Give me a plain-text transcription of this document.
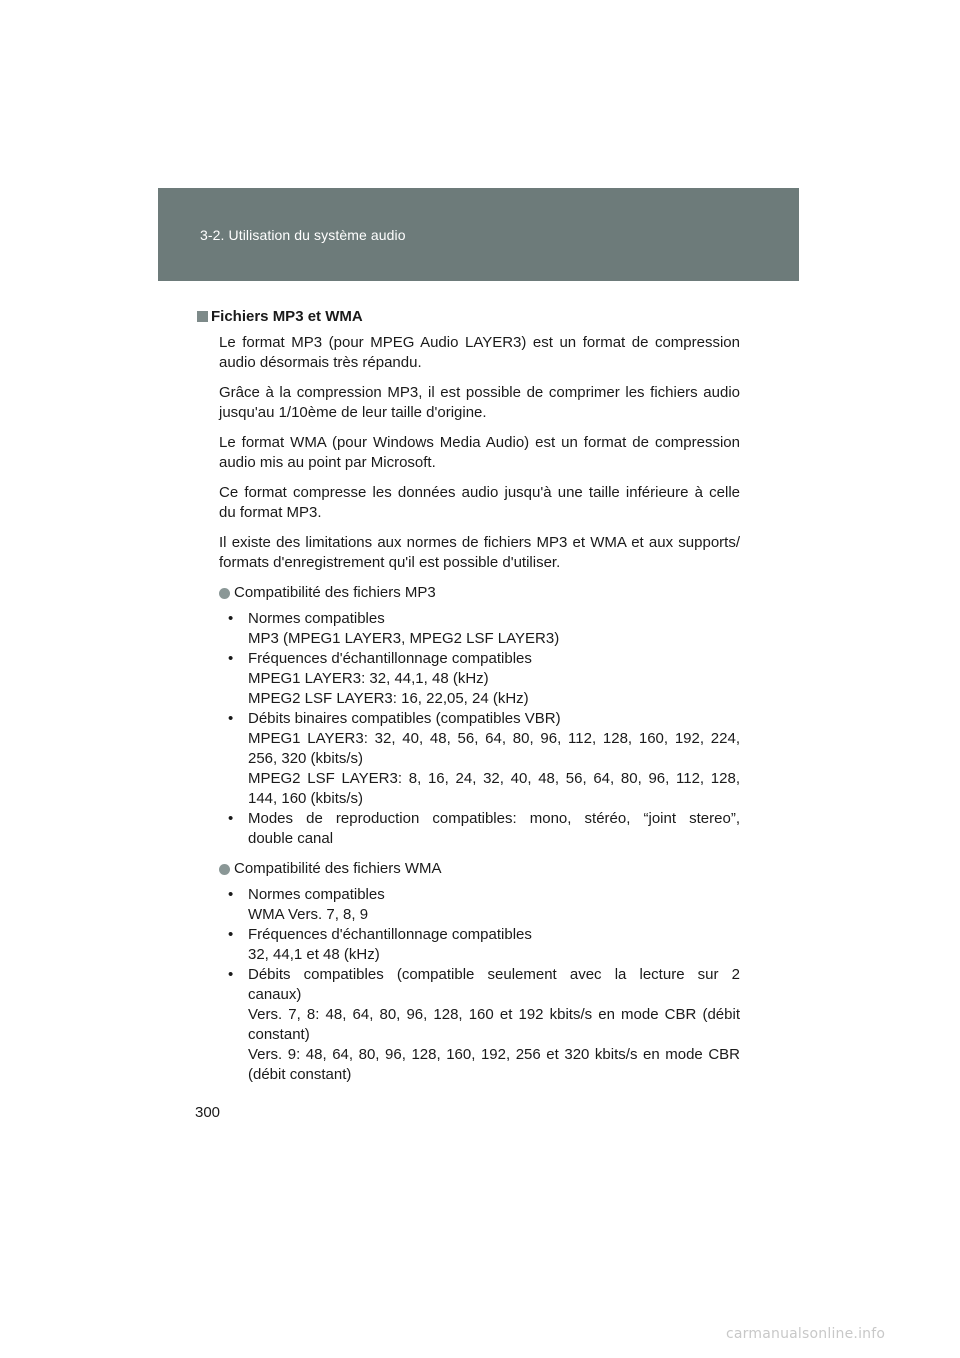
3-2. Utilisation du système audio
Fichiers MP3 et WMA
Le format MP3 (pour MPEG Audio LAYER3) est un format de compression
audio désormais très répandu.
Grâce à la compression MP3, il est possible de comprimer les fichiers audio
jusqu'au 1/10ème de leur taille d'origine.
Le format WMA (pour Windows Media Audio) est un format de compression
audio mis au point par Microsoft.
Ce format compresse les données audio jusqu'à une taille inférieure à celle
du format MP3.
Il existe des limitations aux normes de fichiers MP3 et WMA et aux supports/
formats d'enregistrement qu'il est possible d'utiliser.
Compatibilité des fichiers MP3
• Normes compatibles
MP3 (MPEG1 LAYER3, MPEG2 LSF LAYER3)
• Fréquences d'échantillonnage compatibles
MPEG1 LAYER3: 32, 44,1, 48 (kHz)
MPEG2 LSF LAYER3: 16, 22,05, 24 (kHz)
• Débits binaires compatibles (compatibles VBR)
MPEG1 LAYER3: 32, 40, 48, 56, 64, 80, 96, 112, 128, 160, 192, 224,
256, 320 (kbits/s)
MPEG2 LSF LAYER3: 8, 16, 24, 32, 40, 48, 56, 64, 80, 96, 112, 128,
144, 160 (kbits/s)
• Modes de reproduction compatibles: mono, stéréo, “joint stereo”,
double canal
Compatibilité des fichiers WMA
• Normes compatibles
WMA Vers. 7, 8, 9
• Fréquences d'échantillonnage compatibles
32, 44,1 et 48 (kHz)
• Débits compatibles (compatible seulement avec la lecture sur 2
canaux)
Vers. 7, 8: 48, 64, 80, 96, 128, 160 et 192 kbits/s en mode CBR (débit
constant)
Vers. 9: 48, 64, 80, 96, 128, 160, 192, 256 et 320 kbits/s en mode CBR
(débit constant)
300
carmanualsonline.info
